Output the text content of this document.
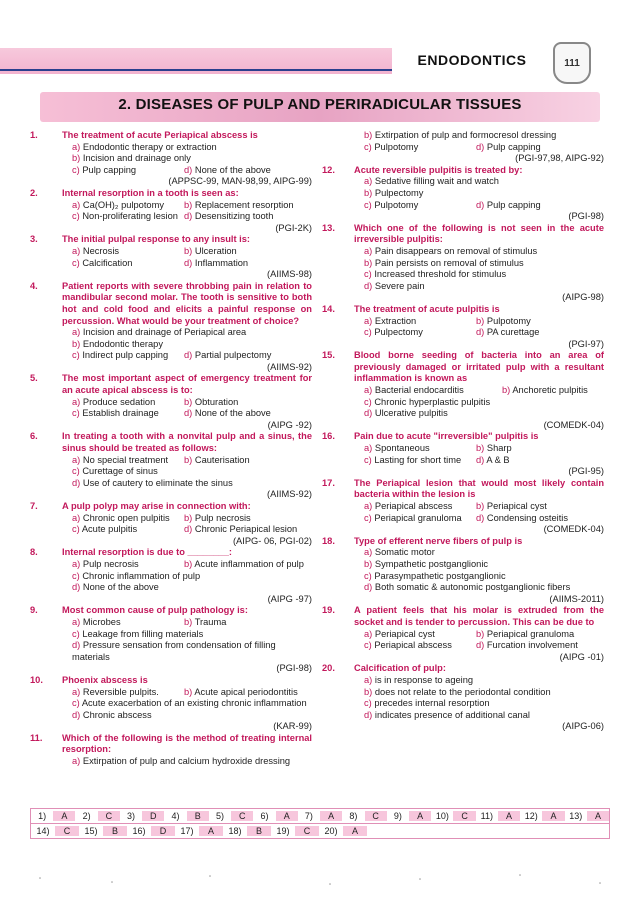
ENDODONTICS	111
2. DISEASES OF PULP AND PERIRADICULAR TISSUES
1.	The treatment of acute Periapical abscess is
a) Endodontic therapy or extraction
b) Incision and drainage only
c) Pulp capping	d) None of the above
(APPSC-99, MAN-98,99, AIPG-99)
2.	Internal resorption in a tooth is seen as:
a) Ca(OH)₂ pulpotomy	b) Replacement resorption
c) Non-proliferating lesion d) Desensitizing tooth
(PGI-2K)
3.	The initial pulpal response to any insult is:
a) Necrosis	b) Ulceration
c) Calcification	d) Inflammation
(AIIMS-98)
4.	Patient reports with severe throbbing pain in relation to mandibular second molar. The tooth is sensitive to both hot and cold food and elicits a painful response on percussion. What would be your treatment of choice?
a) Incision and drainage of Periapical area
b) Endodontic therapy
c) Indirect pulp capping	d) Partial pulpectomy
(AIIMS-92)
5.	The most important aspect of emergency treatment for an acute apical abscess is to:
a) Produce sedation	b) Obturation
c) Establish drainage	d) None of the above
(AIPG -92)
6.	In treating a tooth with a nonvital pulp and a sinus, the sinus should be treated as follows:
a) No special treatment	b) Cauterisation
c) Curettage of sinus
d) Use of cautery to eliminate the sinus
(AIIMS-92)
7.	A pulp polyp may arise in connection with:
a) Chronic open pulpitis	b) Pulp necrosis
c) Acute pulpitis	d) Chronic Periapical lesion
(AIPG- 06, PGI-02)
8.	Internal resorption is due to ________:
a) Pulp necrosis	b) Acute inflammation of pulp
c) Chronic inflammation of pulp
d) None of the above
(AIPG -97)
9.	Most common cause of pulp pathology is:
a) Microbes	b) Trauma
c) Leakage from filling materials
d) Pressure sensation from condensation of filling materials
(PGI-98)
10. Phoenix abscess is
a) Reversible pulpits.	b) Acute apical periodontitis
c) Acute exacerbation of an existing chronic inflammation
d) Chronic abscess
(KAR-99)
11. Which of the following is the method of treating internal resorption:
a) Extirpation of pulp and calcium hydroxide dressing
b) Extirpation of pulp and formocresol dressing
c) Pulpotomy	d) Pulp capping
(PGI-97,98, AIPG-92)
12. Acute reversible pulpitis is treated by:
a) Sedative filling wait and watch
b) Pulpectomy
c) Pulpotomy	d) Pulp capping
(PGI-98)
13. Which one of the following is not seen in the acute irreversible pulpitis:
a) Pain disappears on removal of stimulus
b) Pain persists on removal of stimulus
c) Increased threshold for stimulus
d) Severe pain
(AIPG-98)
14. The treatment of acute pulpitis is
a) Extraction	b) Pulpotomy
c) Pulpectomy	d) PA curettage
(PGI-97)
15. Blood borne seeding of bacteria into an area of previously damaged or irritated pulp with a resultant inflammation is known as
a) Bacterial endocarditis	b) Anchoretic pulpitis
c) Chronic hyperplastic pulpitis
d) Ulcerative pulpitis
(COMEDK-04)
16. Pain due to acute "irreversible" pulpitis is
a) Spontaneous	b) Sharp
c) Lasting for short time	d) A & B
(PGI-95)
17. The Periapical lesion that would most likely contain bacteria within the lesion is
a) Periapical abscess	b) Periapical cyst
c) Periapical granuloma	d) Condensing osteitis
(COMEDK-04)
18. Type of efferent nerve fibers of pulp is
a) Somatic motor
b) Sympathetic postganglionic
c) Parasympathetic postganglionic
d) Both somatic & autonomic postganglionic fibers
(AIIMS-2011)
19. A patient feels that his molar is extruded from the socket and is tender to percussion. This can be due to
a) Periapical cyst	b) Periapical granuloma
c) Periapical abscess	d) Furcation involvement
(AIPG -01)
20. Calcification of pulp:
a) is in response to ageing
b) does not relate to the periodontal condition
c) precedes internal resorption
d) indicates presence of additional canal
(AIPG-06)
1)	A	2)	C	3)	D	4)	B	5)	C	6)	A	7)	A	8)	C	9)	A	10)	C	11)	A	12)	A	13)	A
14)	C	15)	B	16)	D	17)	A	18)	B	19)	C	20)	A
